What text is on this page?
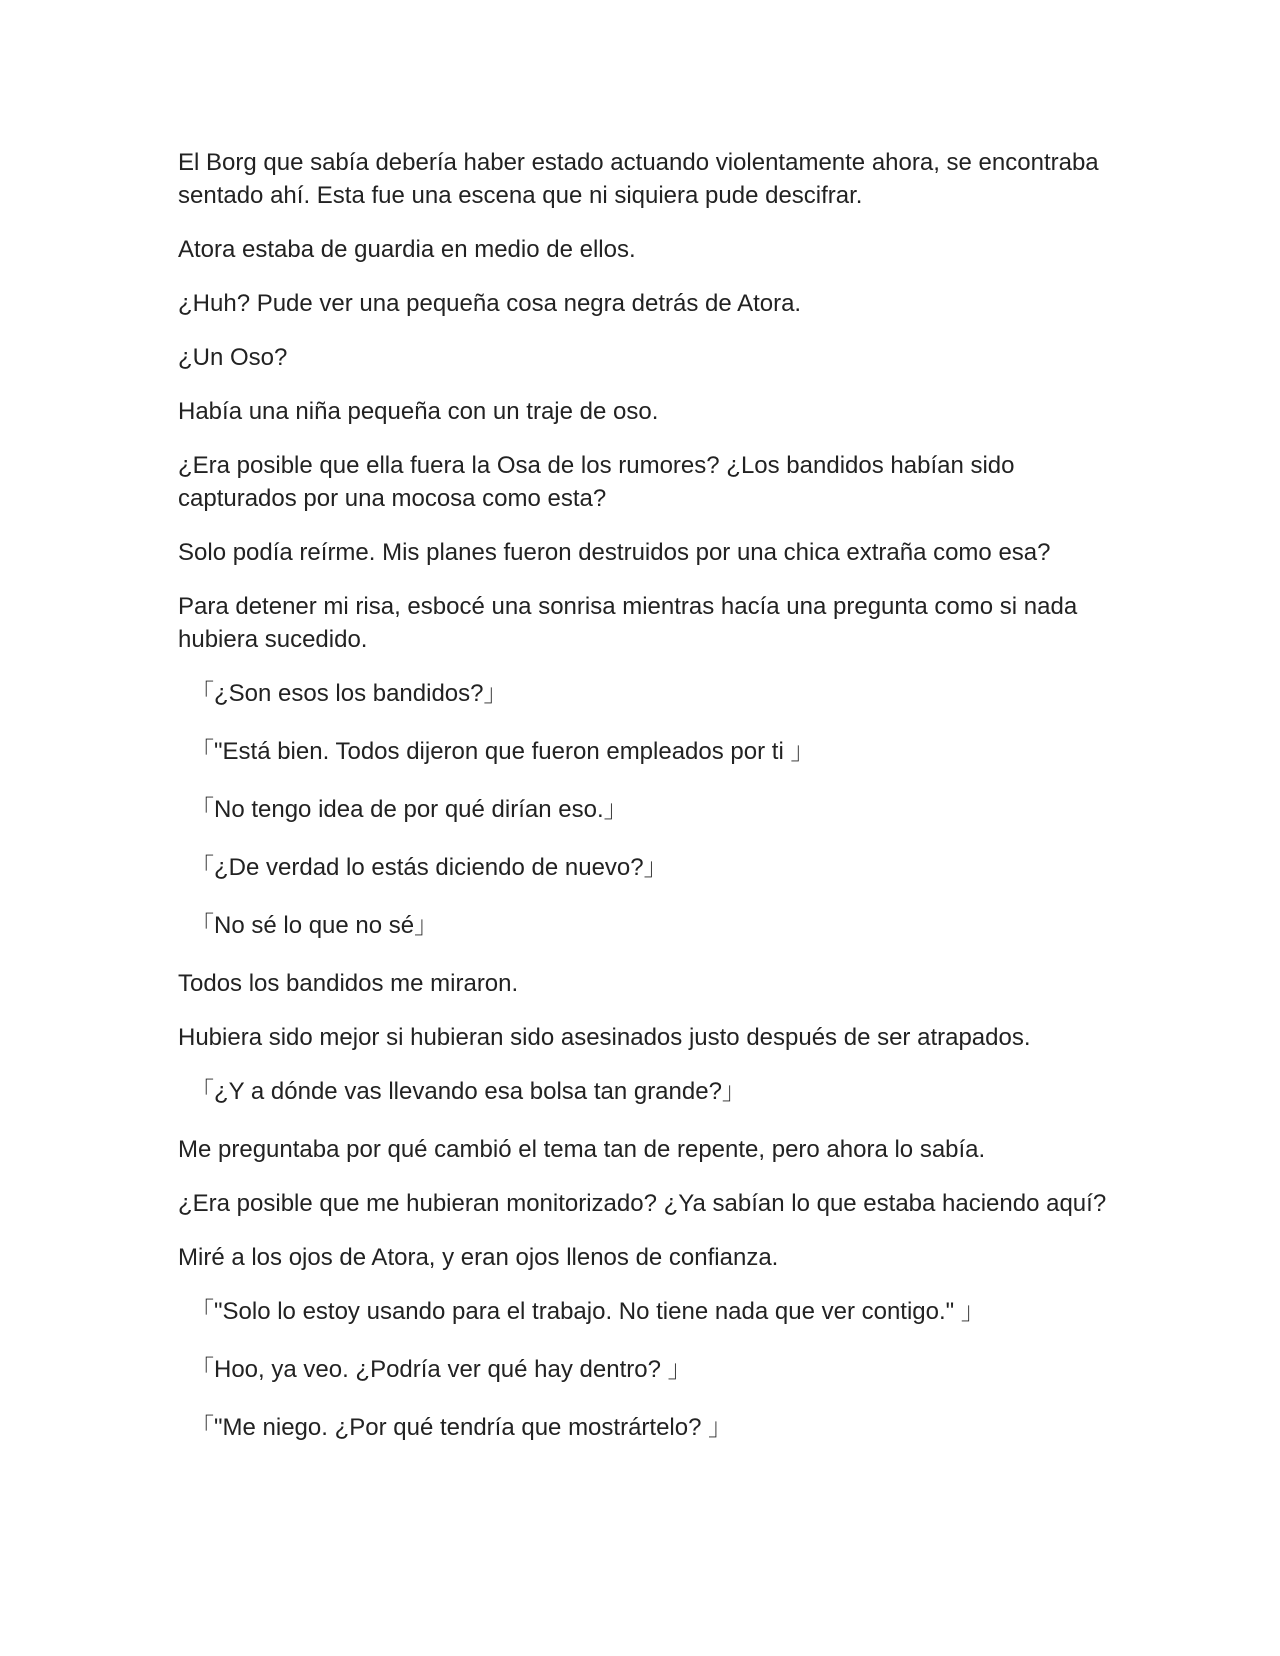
El Borg que sabía debería haber estado actuando violentamente ahora, se encontraba sentado ahí. Esta fue una escena que ni siquiera pude descifrar.

Atora estaba de guardia en medio de ellos.

¿Huh? Pude ver una pequeña cosa negra detrás de Atora.

¿Un Oso?

Había una niña pequeña con un traje de oso.

¿Era posible que ella fuera la Osa de los rumores? ¿Los bandidos habían sido capturados por una mocosa como esta?

Solo podía reírme. Mis planes fueron destruidos por una chica extraña como esa?

Para detener mi risa, esbocé una sonrisa mientras hacía una pregunta como si nada hubiera sucedido.

「¿Son esos los bandidos?」

「"Está bien. Todos dijeron que fueron empleados por ti 」

「No tengo idea de por qué dirían eso.」

「¿De verdad lo estás diciendo de nuevo?」

「No sé lo que no sé」

Todos los bandidos me miraron.

Hubiera sido mejor si hubieran sido asesinados justo después de ser atrapados.

「¿Y a dónde vas llevando esa bolsa tan grande?」

Me preguntaba por qué cambió el tema tan de repente, pero ahora lo sabía.

¿Era posible que me hubieran monitorizado? ¿Ya sabían lo que estaba haciendo aquí?

Miré a los ojos de Atora, y eran ojos llenos de confianza.

「"Solo lo estoy usando para el trabajo. No tiene nada que ver contigo." 」

「Hoo, ya veo. ¿Podría ver qué hay dentro? 」

「"Me niego. ¿Por qué tendría que mostrártelo? 」
